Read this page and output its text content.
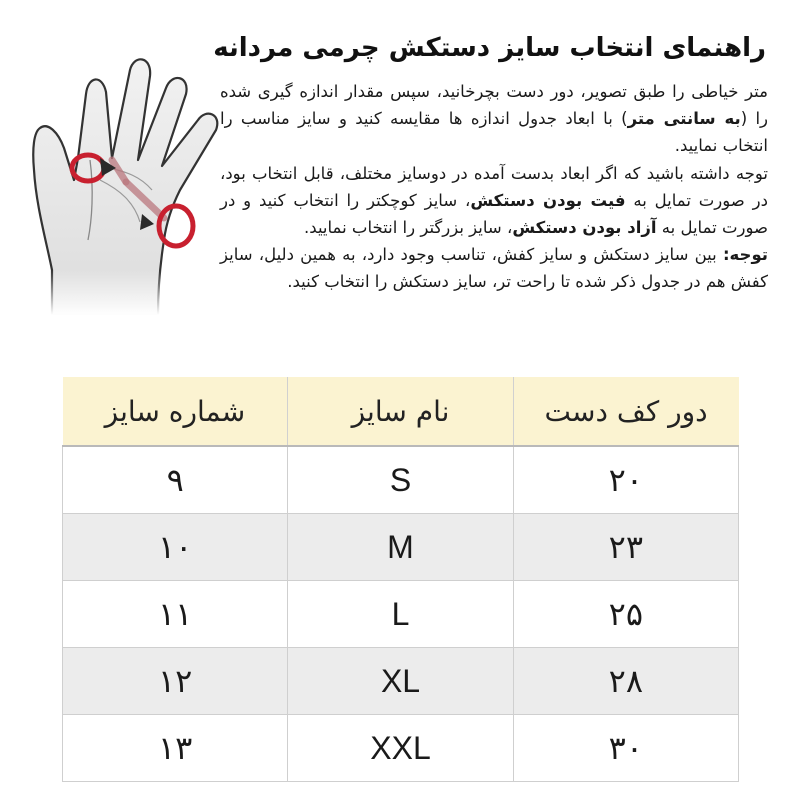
راهنمای انتخاب سایز دستکش چرمی مردانه

متر خیاطی را طبق تصویر، دور دست بچرخانید، سپس مقدار اندازه گیری شده را (به سانتی متر) با ابعاد جدول اندازه ها مقایسه کنید و سایز مناسب را انتخاب نمایید.

توجه داشته باشید که اگر ابعاد بدست آمده در دوسایز مختلف، قابل انتخاب بود، در صورت تمایل به فیت بودن دستکش، سایز کوچکتر را انتخاب کنید و در صورت تمایل به آزاد بودن دستکش، سایز بزرگتر را انتخاب نمایید.

توجه: بین سایز دستکش و سایز کفش، تناسب وجود دارد، به همین دلیل، سایز کفش هم در جدول ذکر شده تا راحت تر، سایز دستکش را انتخاب کنید.

دور کف دست	نام سایز	شماره سایز
۲۰	S	۹
۲۳	M	۱۰
۲۵	L	۱۱
۲۸	XL	۱۲
۳۰	XXL	۱۳
